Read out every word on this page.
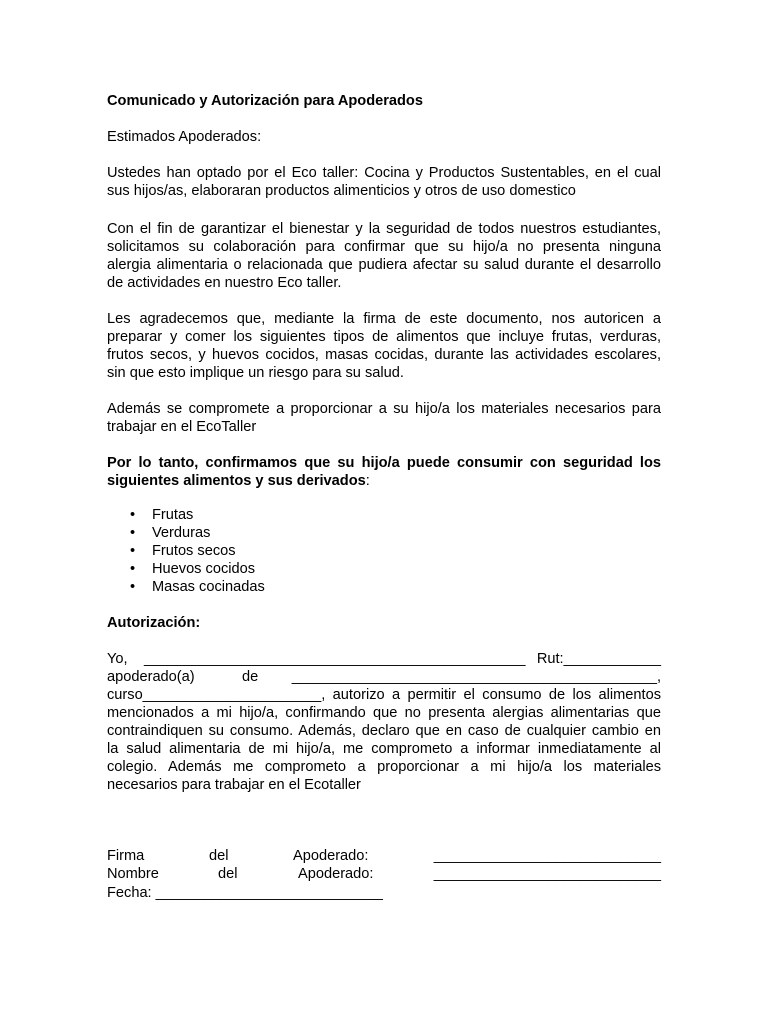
Comunicado y Autorización para Apoderados

Estimados Apoderados:

Ustedes han optado por el Eco taller: Cocina y Productos Sustentables, en el cual
sus hijos/as, elaboraran productos alimenticios y otros de uso domestico

Con el fin de garantizar el bienestar y la seguridad de todos nuestros estudiantes,
solicitamos su colaboración para confirmar que su hijo/a no presenta ninguna
alergia alimentaria o relacionada que pudiera afectar su salud durante el desarrollo
de actividades en nuestro Eco taller.

Les agradecemos que, mediante la firma de este documento, nos autoricen a
preparar y comer los siguientes tipos de alimentos que incluye frutas, verduras,
frutos secos, y huevos cocidos, masas cocidas, durante las actividades escolares,
sin que esto implique un riesgo para su salud.

Además se compromete a proporcionar a su hijo/a los materiales necesarios para
trabajar en el EcoTaller

Por lo tanto, confirmamos que su hijo/a puede consumir con seguridad los
siguientes alimentos y sus derivados:

• Frutas
• Verduras
• Frutos secos
• Huevos cocidos
• Masas cocinadas

Autorización:

Yo, _______________________________________________ Rut:____________
apoderado(a)	de _____________________________________________,

curso______________________, autorizo a permitir el consumo de los alimentos
mencionados a mi hijo/a, confirmando que no presenta alergias alimentarias que
contraindiquen su consumo. Además, declaro que en caso de cualquier cambio en
la salud alimentaria de mi hijo/a, me comprometo a informar inmediatamente al
colegio. Además me comprometo a proporcionar a mi hijo/a los materiales
necesarios para trabajar en el Ecotaller

Firma	del	Apoderado:	____________________________
Nombre	del	Apoderado:	____________________________
Fecha: ____________________________
